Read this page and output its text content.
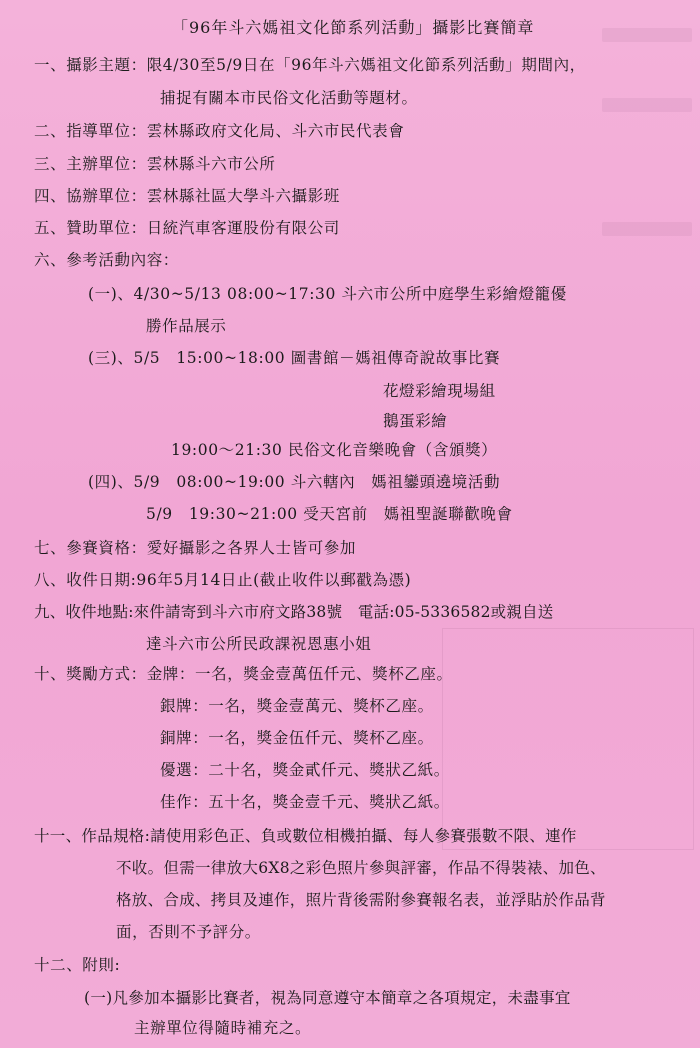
「96年斗六媽祖文化節系列活動」攝影比賽簡章
一、攝影主題：限4/30至5/9日在「96年斗六媽祖文化節系列活動」期間內，
捕捉有關本市民俗文化活動等題材。
二、指導單位：雲林縣政府文化局、斗六市民代表會
三、主辦單位：雲林縣斗六市公所
四、協辦單位：雲林縣社區大學斗六攝影班
五、贊助單位：日統汽車客運股份有限公司
六、參考活動內容：
(一)、4/30~5/13 08:00~17:30 斗六市公所中庭學生彩繪燈籠優
勝作品展示
(三)、5/5　15:00~18:00 圖書館－媽祖傳奇說故事比賽
花燈彩繪現場組
鵝蛋彩繪
19:00～21:30 民俗文化音樂晚會（含頒獎）
(四)、5/9　08:00~19:00 斗六轄內　媽祖鑾頭遶境活動
5/9　19:30~21:00 受天宮前　媽祖聖誕聯歡晚會
七、參賽資格：愛好攝影之各界人士皆可參加
八、收件日期:96年5月14日止(截止收件以郵戳為憑)
九、收件地點:來件請寄到斗六市府文路38號　電話:05-5336582或親自送
達斗六市公所民政課祝恩惠小姐
十、獎勵方式：金牌：一名，獎金壹萬伍仟元、獎杯乙座。
銀牌：一名，獎金壹萬元、獎杯乙座。
銅牌：一名，獎金伍仟元、獎杯乙座。
優選：二十名，獎金貳仟元、獎狀乙紙。
佳作：五十名，獎金壹千元、獎狀乙紙。
十一、作品規格:請使用彩色正、負或數位相機拍攝、每人參賽張數不限、連作
不收。但需一律放大6X8之彩色照片參與評審，作品不得裝裱、加色、
格放、合成、拷貝及連作，照片背後需附參賽報名表，並浮貼於作品背
面，否則不予評分。
十二、附則:
(一)凡參加本攝影比賽者，視為同意遵守本簡章之各項規定，未盡事宜
主辦單位得隨時補充之。
